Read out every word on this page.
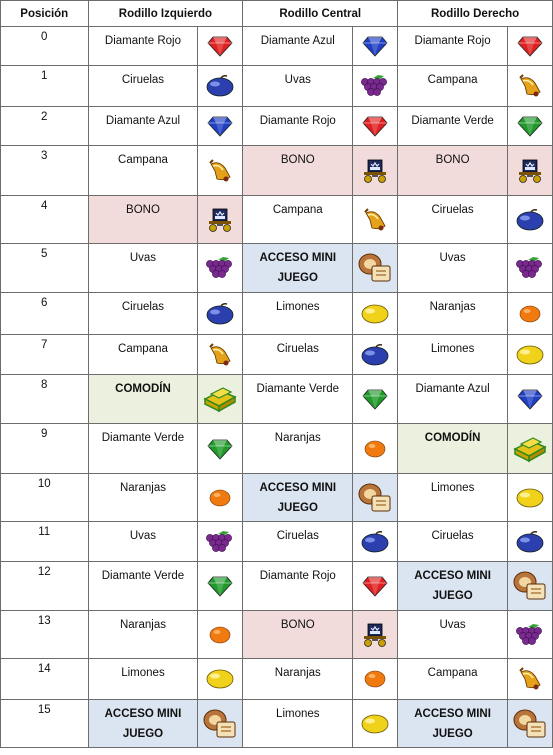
Posición	Rodillo Izquierdo		Rodillo Central		Rodillo Derecho	
0	Diamante Rojo		Diamante Azul		Diamante Rojo	

1	Ciruelas		Uvas		Campana	

2	Diamante Azul		Diamante Rojo		Diamante Verde	

3	Campana		BONO		BONO	

4	BONO		Campana		Ciruelas	

5	Uvas		ACCESO MINI JUEGO		Uvas	

6	Ciruelas		Limones		Naranjas	

7	Campana		Ciruelas		Limones	

8	COMODÍN		Diamante Verde		Diamante Azul	

9	Diamante Verde		Naranjas		COMODÍN	

10	Naranjas		ACCESO MINI JUEGO		Limones	

11	Uvas		Ciruelas		Ciruelas	

12	Diamante Verde		Diamante Rojo		ACCESO MINI JUEGO	

13	Naranjas		BONO		Uvas	

14	Limones		Naranjas		Campana	

15	ACCESO MINI JUEGO		Limones		ACCESO MINI JUEGO	
